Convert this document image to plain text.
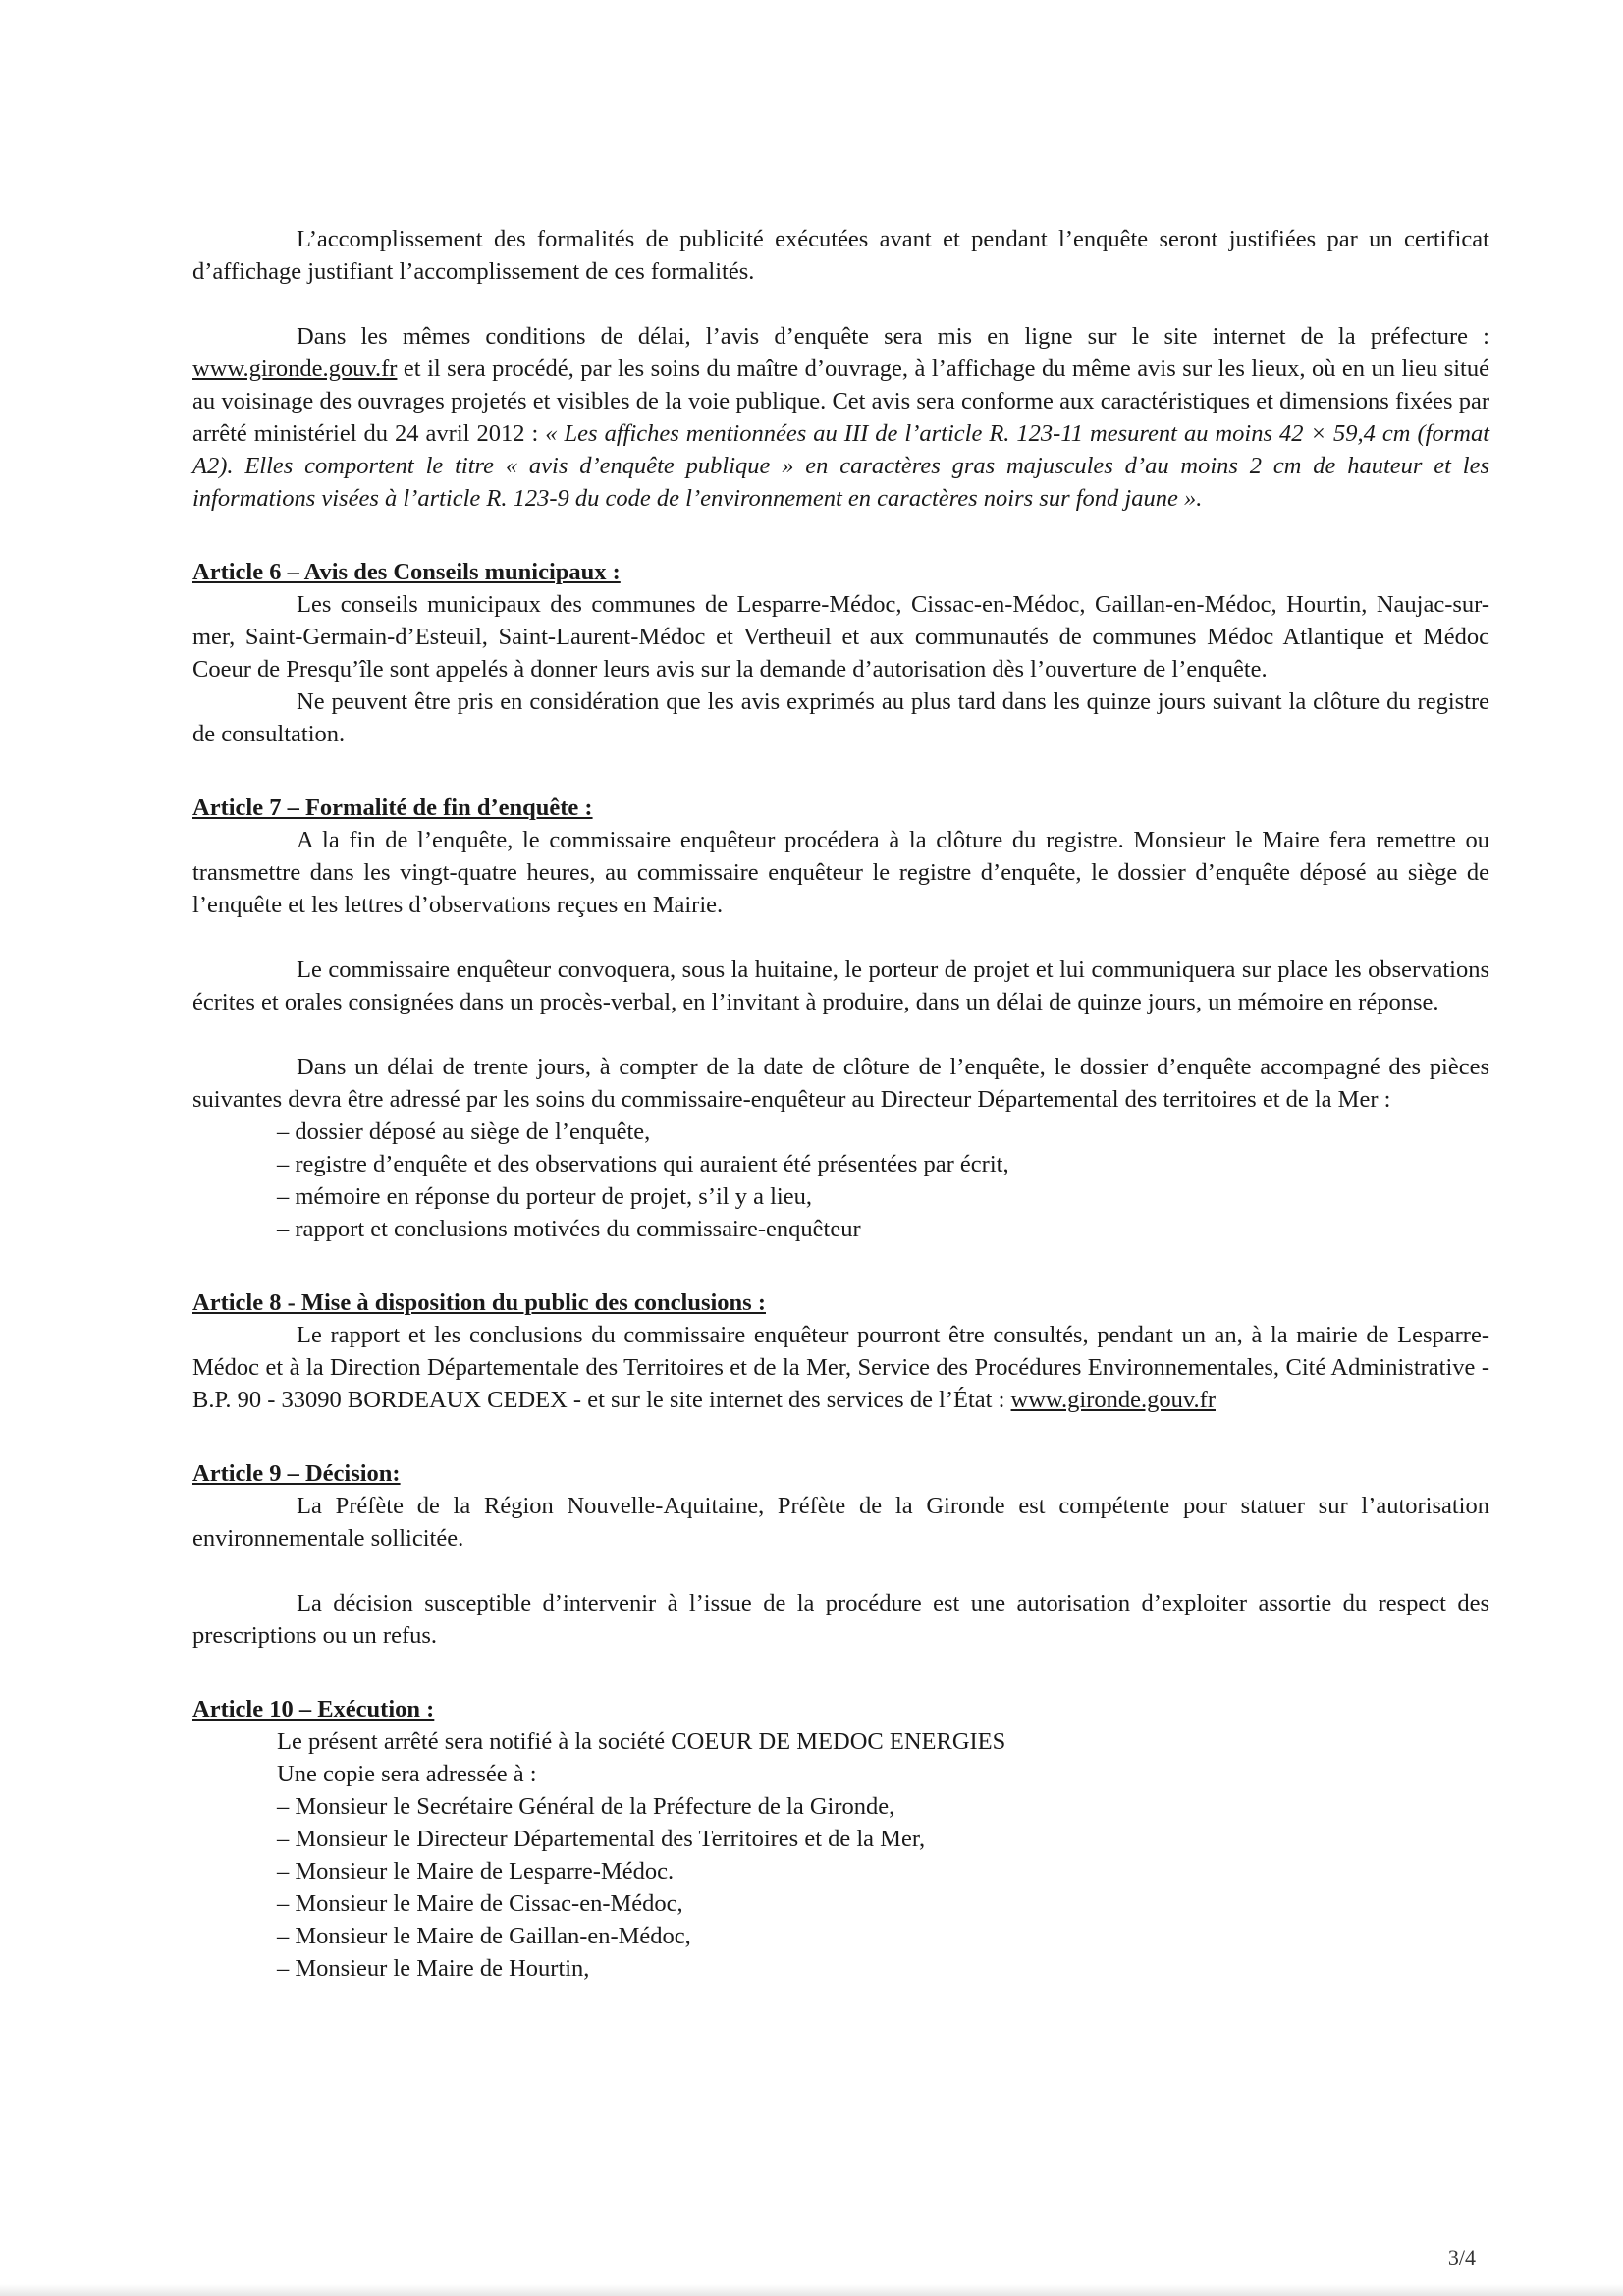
L’accomplissement des formalités de publicité exécutées avant et pendant l’enquête seront justifiées par un certificat d’affichage justifiant l’accomplissement de ces formalités.

Dans les mêmes conditions de délai, l’avis d’enquête sera mis en ligne sur le site internet de la préfecture : www.gironde.gouv.fr et il sera procédé, par les soins du maître d’ouvrage, à l’affichage du même avis sur les lieux, où en un lieu situé au voisinage des ouvrages projetés et visibles de la voie publique. Cet avis sera conforme aux caractéristiques et dimensions fixées par arrêté ministériel du 24 avril 2012 : « Les affiches mentionnées au III de l’article R. 123-11 mesurent au moins 42 × 59,4 cm (format A2). Elles comportent le titre « avis d’enquête publique » en caractères gras majuscules d’au moins 2 cm de hauteur et les informations visées à l’article R. 123-9 du code de l’environnement en caractères noirs sur fond jaune ».

Article 6 – Avis des Conseils municipaux :

Les conseils municipaux des communes de Lesparre-Médoc, Cissac-en-Médoc, Gaillan-en-Médoc, Hourtin, Naujac-sur-mer, Saint-Germain-d’Esteuil, Saint-Laurent-Médoc et Vertheuil et aux communautés de communes Médoc Atlantique et Médoc Coeur de Presqu’île sont appelés à donner leurs avis sur la demande d’autorisation dès l’ouverture de l’enquête.

Ne peuvent être pris en considération que les avis exprimés au plus tard dans les quinze jours suivant la clôture du registre de consultation.

Article 7 – Formalité de fin d’enquête :

A la fin de l’enquête, le commissaire enquêteur procédera à la clôture du registre. Monsieur le Maire fera remettre ou transmettre dans les vingt-quatre heures, au commissaire enquêteur le registre d’enquête, le dossier d’enquête déposé au siège de l’enquête et les lettres d’observations reçues en Mairie.

Le commissaire enquêteur convoquera, sous la huitaine, le porteur de projet et lui communiquera sur place les observations écrites et orales consignées dans un procès-verbal, en l’invitant à produire, dans un délai de quinze jours, un mémoire en réponse.

Dans un délai de trente jours, à compter de la date de clôture de l’enquête, le dossier d’enquête accompagné des pièces suivantes devra être adressé par les soins du commissaire-enquêteur au Directeur Départemental des territoires et de la Mer :

– dossier déposé au siège de l’enquête,
– registre d’enquête et des observations qui auraient été présentées par écrit,
– mémoire en réponse du porteur de projet, s’il y a lieu,
– rapport et conclusions motivées du commissaire-enquêteur
Article 8 - Mise à disposition du public des conclusions :

Le rapport et les conclusions du commissaire enquêteur pourront être consultés, pendant un an, à la mairie de Lesparre-Médoc et à la Direction Départementale des Territoires et de la Mer, Service des Procédures Environnementales, Cité Administrative - B.P. 90 - 33090 BORDEAUX CEDEX - et sur le site internet des services de l’État : www.gironde.gouv.fr

Article 9 – Décision:

La Préfète de la Région Nouvelle-Aquitaine, Préfète de la Gironde est compétente pour statuer sur l’autorisation environnementale sollicitée.

La décision susceptible d’intervenir à l’issue de la procédure est une autorisation d’exploiter assortie du respect des prescriptions ou un refus.

Article 10 – Exécution :

Le présent arrêté sera notifié à la société COEUR DE MEDOC ENERGIES

Une copie sera adressée à :

– Monsieur le Secrétaire Général de la Préfecture de la Gironde,
– Monsieur le Directeur Départemental des Territoires et de la Mer,
– Monsieur le Maire de Lesparre-Médoc.
– Monsieur le Maire de Cissac-en-Médoc,
– Monsieur le Maire de Gaillan-en-Médoc,
– Monsieur le Maire de Hourtin,
3/4
